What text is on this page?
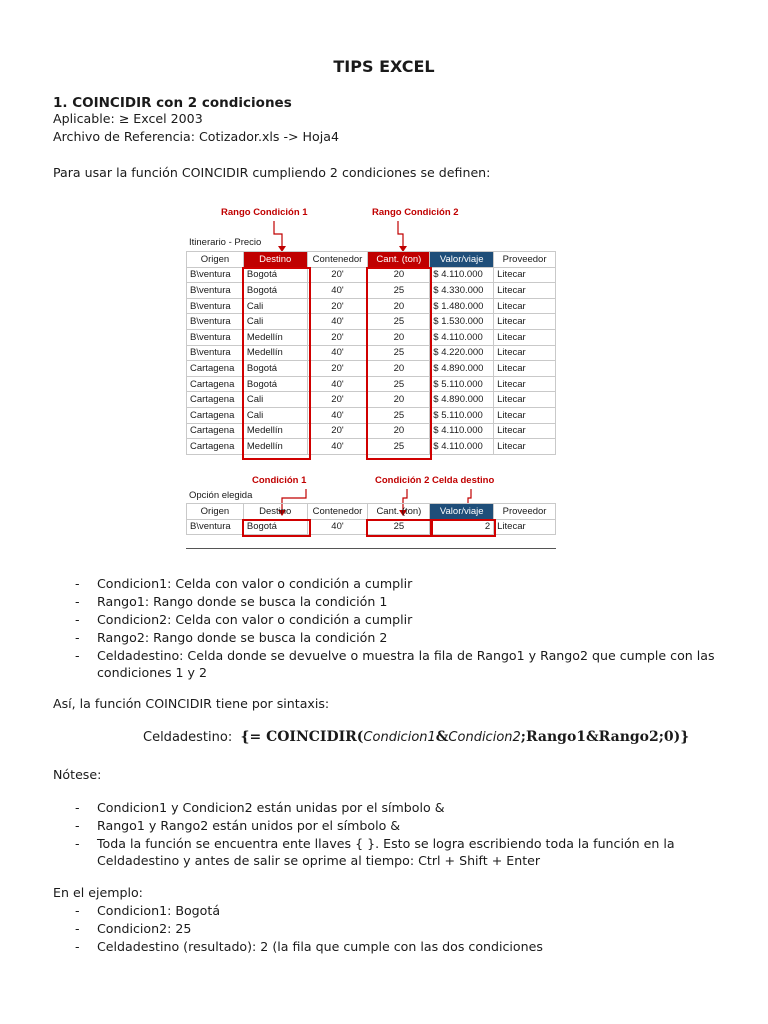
TIPS EXCEL
1. COINCIDIR con 2 condiciones
Aplicable: ≥ Excel 2003
Archivo de Referencia: Cotizador.xls -> Hoja4
Para usar la función COINCIDIR cumpliendo 2 condiciones se definen:
Rango Condición 1	Rango Condición 2
Itinerario - Precio
Origen	Destino	Contenedor	Cant. (ton)	Valor/viaje	Proveedor
B\ventura	Bogotá	20'	20	$ 4.110.000	Litecar
B\ventura	Bogotá	40'	25	$ 4.330.000	Litecar
B\ventura	Cali	20'	20	$ 1.480.000	Litecar
B\ventura	Cali	40'	25	$ 1.530.000	Litecar
B\ventura	Medellín	20'	20	$ 4.110.000	Litecar
B\ventura	Medellín	40'	25	$ 4.220.000	Litecar
Cartagena	Bogotá	20'	20	$ 4.890.000	Litecar
Cartagena	Bogotá	40'	25	$ 5.110.000	Litecar
Cartagena	Cali	20'	20	$ 4.890.000	Litecar
Cartagena	Cali	40'	25	$ 5.110.000	Litecar
Cartagena	Medellín	20'	20	$ 4.110.000	Litecar
Cartagena	Medellín	40'	25	$ 4.110.000	Litecar
Condición 1	Condición 2 Celda destino
Opción elegida
Origen	Destino	Contenedor	Cant. (ton)	Valor/viaje	Proveedor
B\ventura	Bogotá	40'	25	2	Litecar
- Condicion1: Celda con valor o condición a cumplir
- Rango1: Rango donde se busca la condición 1
- Condicion2: Celda con valor o condición a cumplir
- Rango2: Rango donde se busca la condición 2
- Celdadestino: Celda donde se devuelve o muestra la fila de Rango1 y Rango2 que cumple con las
condiciones 1 y 2
Así, la función COINCIDIR tiene por sintaxis:
Celdadestino: {= COINCIDIR(Condicion1&Condicion2;Rango1&Rango2;0)}
Nótese:
- Condicion1 y Condicion2 están unidas por el símbolo &
- Rango1 y Rango2 están unidos por el símbolo &
- Toda la función se encuentra ente llaves { }. Esto se logra escribiendo toda la función en la
Celdadestino y antes de salir se oprime al tiempo: Ctrl + Shift + Enter
En el ejemplo:
- Condicion1: Bogotá
- Condicion2: 25
- Celdadestino (resultado): 2 (la fila que cumple con las dos condiciones
